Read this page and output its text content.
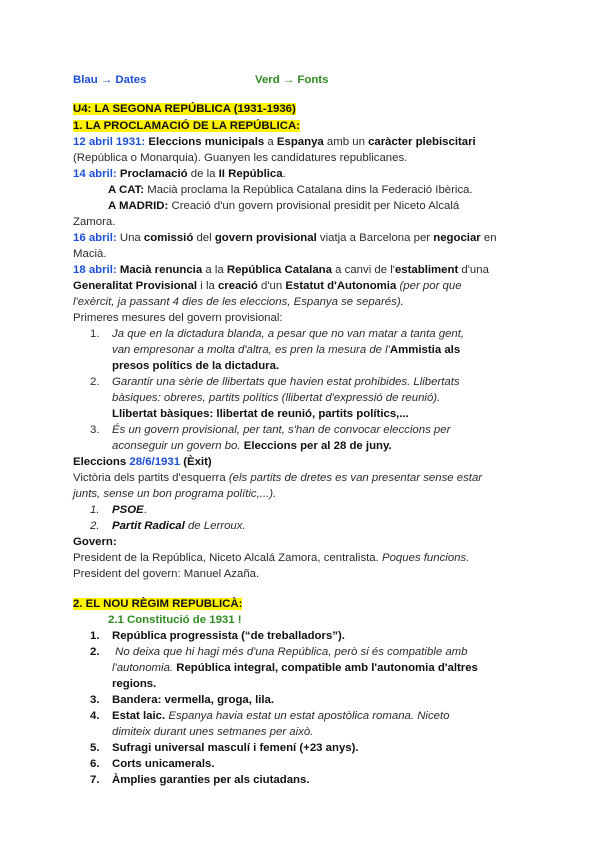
Blau → Dates	Verd → Fonts
U4: LA SEGONA REPÚBLICA (1931-1936)
1. LA PROCLAMACIÓ DE LA REPÚBLICA:
12 abril 1931: Eleccions municipals a Espanya amb un caràcter plebiscitari
(República o Monarquia). Guanyen les candidatures republicanes.
14 abril: Proclamació de la II República.
A CAT: Macià proclama la República Catalana dins la Federació Ibèrica.
A MADRID: Creació d'un govern provisional presidit per Niceto Alcalá
Zamora.
16 abril: Una comissió del govern provisional viatja a Barcelona per negociar en
Macià.
18 abril: Macià renuncia a la República Catalana a canvi de l'establiment d'una
Generalitat Provisional i la creació d'un Estatut d'Autonomia (per por que
l'exèrcit, ja passant 4 dies de les eleccions, Espanya se separés).
Primeres mesures del govern provisional:
1. Ja que en la dictadura blanda, a pesar que no van matar a tanta gent,
van empresonar a molta d'altra, es pren la mesura de l'Ammistia als
presos polítics de la dictadura.
2. Garantir una sèrie de llibertats que havien estat prohibides. Llibertats
bàsiques: obreres, partits polítics (llibertat d'expressió de reunió).
Llibertat bàsiques: llibertat de reunió, partits polítics,...
3. És un govern provisional, per tant, s'han de convocar eleccions per
aconseguir un govern bo. Eleccions per al 28 de juny.
Eleccions 28/6/1931 (Èxit)
Victòria dels partits d'esquerra (els partits de dretes es van presentar sense estar
junts, sense un bon programa polític,...).
1. PSOE.
2. Partit Radical de Lerroux.
Govern:
President de la República, Niceto Alcalá Zamora, centralista. Poques funcions.
President del govern: Manuel Azaña.
2. EL NOU RÈGIM REPUBLICÀ:
2.1 Constitució de 1931 !
1. República progressista (“de treballadors”).
2. No deixa que hi hagi més d'una República, però si és compatible amb
l'autonomia. República integral, compatible amb l'autonomia d'altres
regions.
3. Bandera: vermella, groga, lila.
4. Estat laic. Espanya havia estat un estat apostòlica romana. Niceto
dimiteix durant unes setmanes per això.
5. Sufragi universal masculí i femení (+23 anys).
6. Corts unicamerals.
7. Àmplies garanties per als ciutadans.
